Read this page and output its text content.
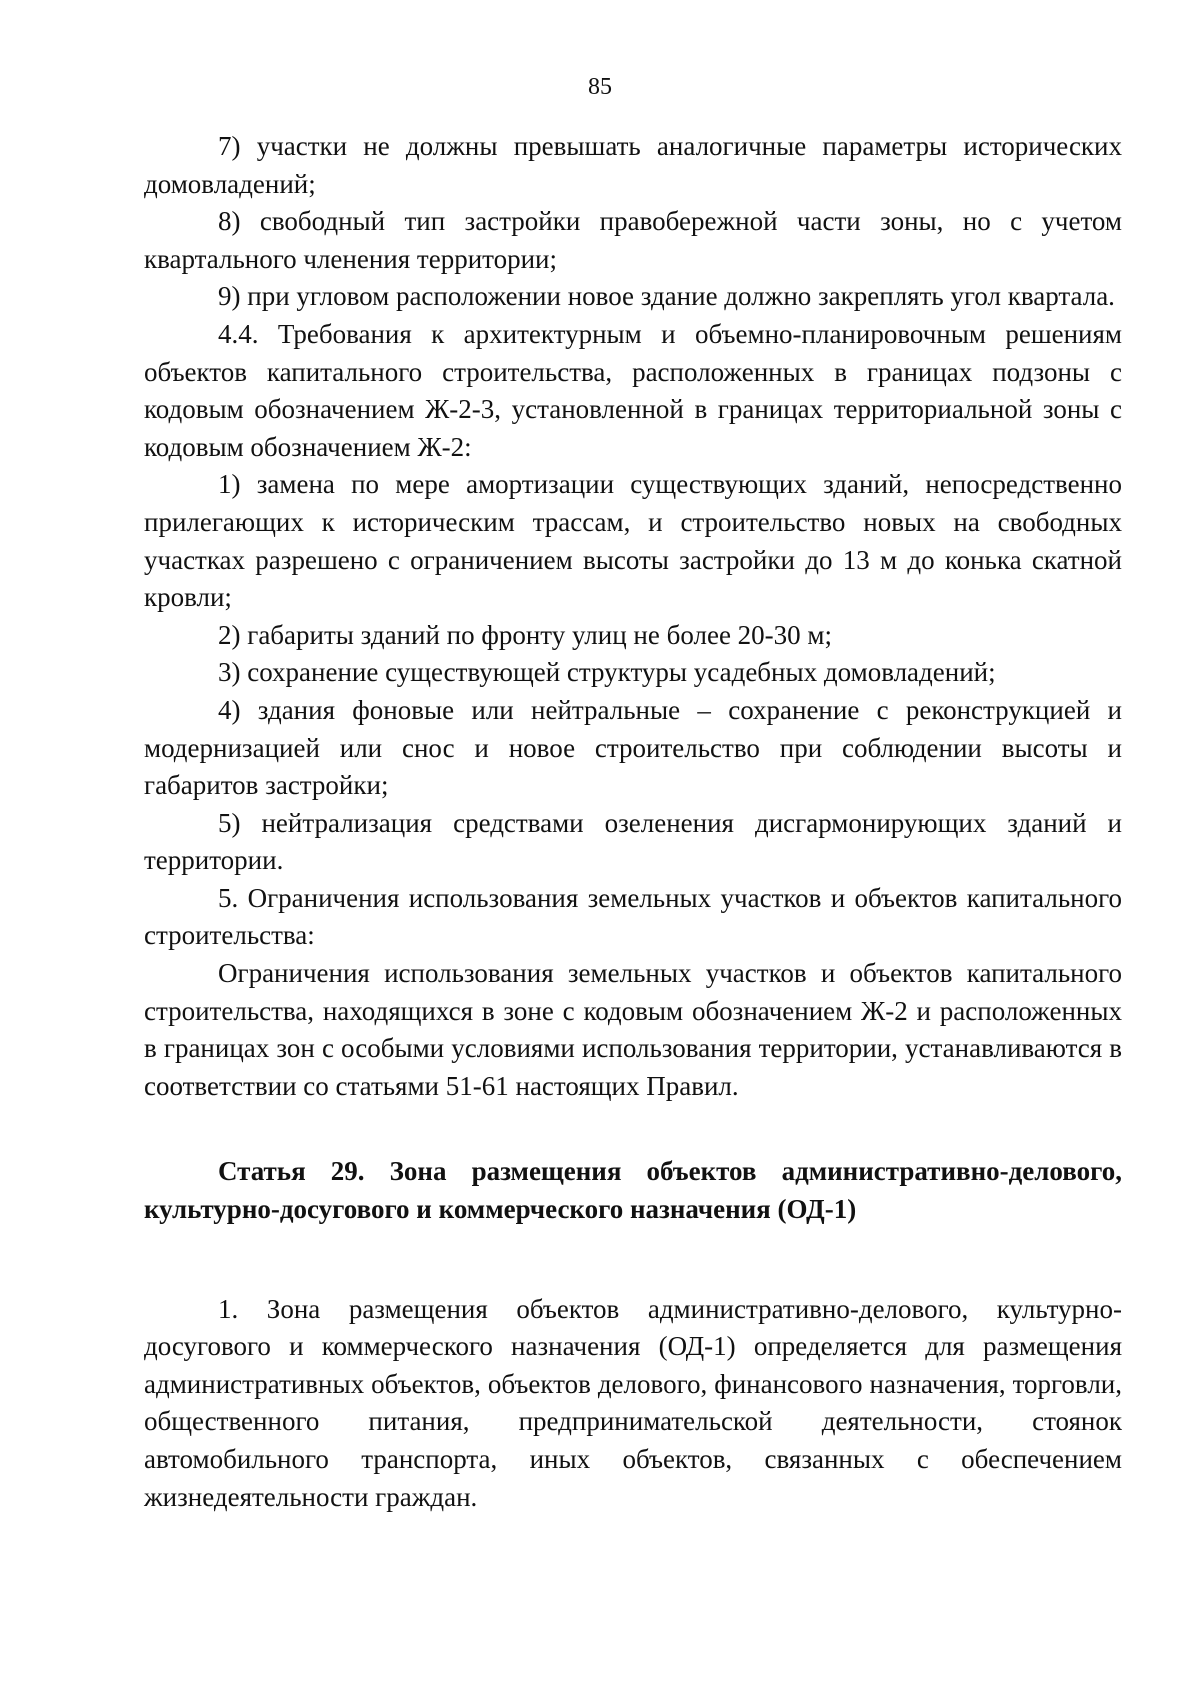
85

7) участки не должны превышать аналогичные параметры исторических домовладений;

8) свободный тип застройки правобережной части зоны, но с учетом квартального членения территории;

9) при угловом расположении новое здание должно закреплять угол квартала.

4.4. Требования к архитектурным и объемно-планировочным решениям объектов капитального строительства, расположенных в границах подзоны с кодовым обозначением Ж-2-3, установленной в границах территориальной зоны с кодовым обозначением Ж-2:

1) замена по мере амортизации существующих зданий, непосредственно прилегающих к историческим трассам, и строительство новых на свободных участках разрешено с ограничением высоты застройки до 13 м до конька скатной кровли;

2) габариты зданий по фронту улиц не более 20-30 м;

3) сохранение существующей структуры усадебных домовладений;

4) здания фоновые или нейтральные – сохранение с реконструкцией и модернизацией или снос и новое строительство при соблюдении высоты и габаритов застройки;

5) нейтрализация средствами озеленения дисгармонирующих зданий и территории.

5. Ограничения использования земельных участков и объектов капитального строительства:

Ограничения использования земельных участков и объектов капитального строительства, находящихся в зоне с кодовым обозначением Ж-2 и расположенных в границах зон с особыми условиями использования территории, устанавливаются в соответствии со статьями 51-61 настоящих Правил.

Статья 29. Зона размещения объектов административно-делового, культурно-досугового и коммерческого назначения (ОД-1)

1. Зона размещения объектов административно-делового, культурно-досугового и коммерческого назначения (ОД-1) определяется для размещения административных объектов, объектов делового, финансового назначения, торговли, общественного питания, предпринимательской деятельности, стоянок автомобильного транспорта, иных объектов, связанных с обеспечением жизнедеятельности граждан.
